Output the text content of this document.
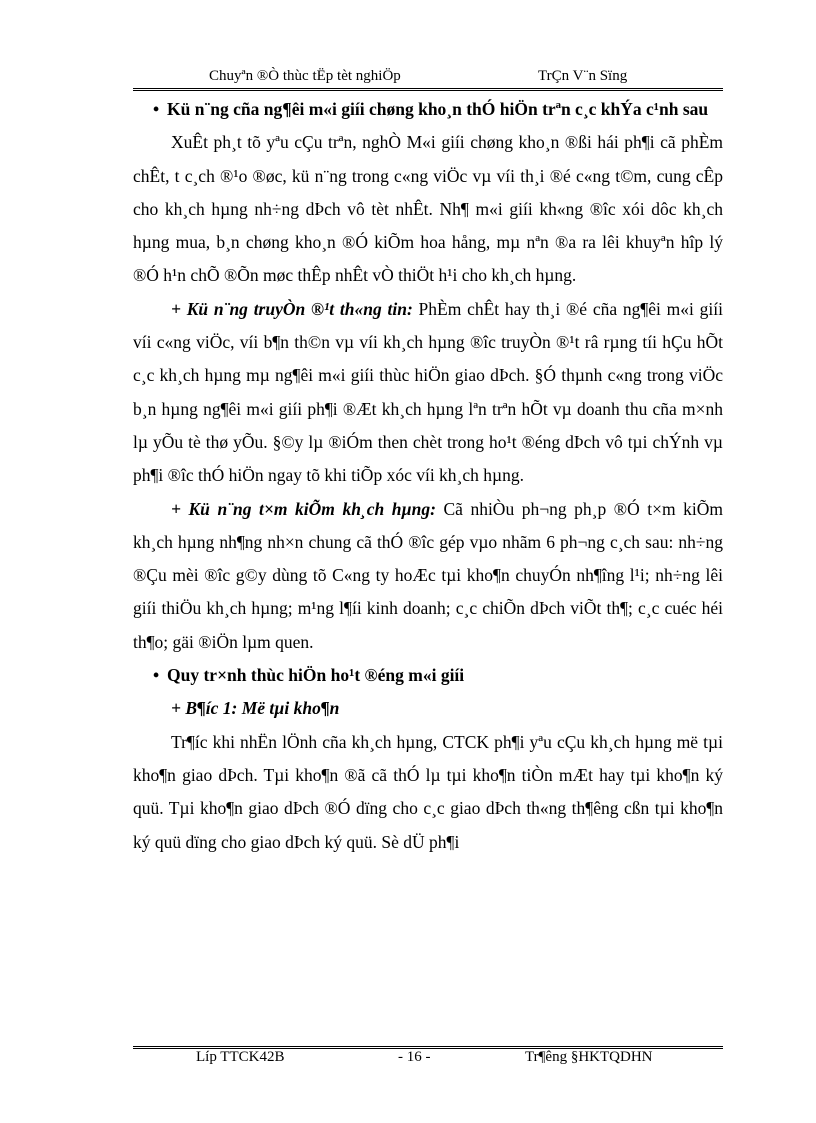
Chuyªn ®Ò thùc tËp tèt nghiÖp	TrÇn V¨n Sïng
• Kü n¨ng cña ng¶êi m«i giíi chøng kho¸n thÓ hiÖn trªn c¸c khÝa c¹nh sau

XuÊt ph¸t tõ yªu cÇu trªn, nghÒ M«i giíi chøng kho¸n ®ßi hái ph¶i cã phÈm chÊt, t c¸ch ®¹o ®øc, kü n¨ng trong c«ng viÖc vµ víi th¸i ®é c«ng t©m, cung cÊp cho kh¸ch hµng nh÷ng dÞch vô tèt nhÊt. Nh¶ m«i giíi kh«ng ®îc xói dôc kh¸ch hµng mua, b¸n chøng kho¸n ®Ó kiÕm hoa hång, mµ nªn ®a ra lêi khuyªn hîp lý ®Ó h¹n chÕ ®Õn møc thÊp nhÊt vÒ thiÖt h¹i cho kh¸ch hµng.

+ Kü n¨ng truyÒn ®¹t th«ng tin: PhÈm chÊt hay th¸i ®é cña ng¶êi m«i giíi víi c«ng viÖc, víi b¶n th©n vµ víi kh¸ch hµng ®îc truyÒn ®¹t râ rµng tíi hÇu hÕt c¸c kh¸ch hµng mµ ng¶êi m«i giíi thùc hiÖn giao dÞch. §Ó thµnh c«ng trong viÖc b¸n hµng ng¶êi m«i giíi ph¶i ®Æt kh¸ch hµng lªn trªn hÕt vµ doanh thu cña m×nh lµ yÕu tè thø yÕu. §©y lµ ®iÓm then chèt trong ho¹t ®éng dÞch vô tµi chÝnh vµ ph¶i ®îc thÓ hiÖn ngay tõ khi tiÕp xóc víi kh¸ch hµng.

+ Kü n¨ng t×m kiÕm kh¸ch hµng: Cã nhiÒu ph¬ng ph¸p ®Ó t×m kiÕm kh¸ch hµng nh¶ng nh×n chung cã thÓ ®îc gép vµo nhãm 6 ph¬ng c¸ch sau: nh÷ng ®Çu mèi ®îc g©y dùng tõ C«ng ty hoÆc tµi kho¶n chuyÓn nh¶îng l¹i; nh÷ng lêi giíi thiÖu kh¸ch hµng; m¹ng l¶íi kinh doanh; c¸c chiÕn dÞch viÕt th¶; c¸c cuéc héi th¶o; gäi ®iÖn lµm quen.

• Quy tr×nh thùc hiÖn ho¹t ®éng m«i giíi

+ B¶íc 1: Më tµi kho¶n

Tr¶íc khi nhËn lÖnh cña kh¸ch hµng, CTCK ph¶i yªu cÇu kh¸ch hµng më tµi kho¶n giao dÞch. Tµi kho¶n ®ã cã thÓ lµ tµi kho¶n tiÒn mÆt hay tµi kho¶n ký quü. Tµi kho¶n giao dÞch ®Ó dïng cho c¸c giao dÞch th«ng th¶êng cßn tµi kho¶n ký quü dïng cho giao dÞch ký quü. Sè dÜ ph¶i

Líp TTCK42B	- 16 -	Tr¶êng §HKTQDHN
